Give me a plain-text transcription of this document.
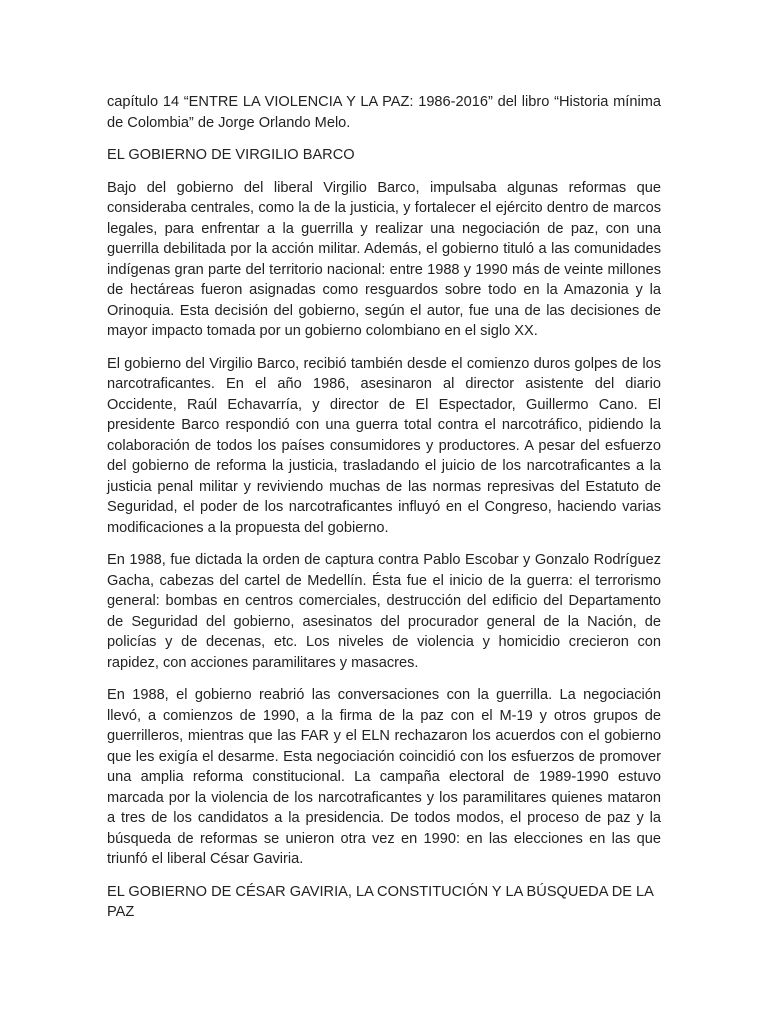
capítulo 14 “ENTRE LA VIOLENCIA Y LA PAZ: 1986-2016” del libro “Historia mínima de Colombia” de Jorge Orlando Melo.

EL GOBIERNO DE VIRGILIO BARCO

Bajo del gobierno del liberal Virgilio Barco, impulsaba algunas reformas que consideraba centrales, como la de la justicia, y fortalecer el ejército dentro de marcos legales, para enfrentar a la guerrilla y realizar una negociación de paz, con una guerrilla debilitada por la acción militar. Además, el gobierno tituló a las comunidades indígenas gran parte del territorio nacional: entre 1988 y 1990 más de veinte millones de hectáreas fueron asignadas como resguardos sobre todo en la Amazonia y la Orinoquia. Esta decisión del gobierno, según el autor, fue una de las decisiones de mayor impacto tomada por un gobierno colombiano en el siglo XX.

El gobierno del Virgilio Barco, recibió también desde el comienzo duros golpes de los narcotraficantes. En el año 1986, asesinaron al director asistente del diario Occidente, Raúl Echavarría, y director de El Espectador, Guillermo Cano. El presidente Barco respondió con una guerra total contra el narcotráfico, pidiendo la colaboración de todos los países consumidores y productores. A pesar del esfuerzo del gobierno de reforma la justicia, trasladando el juicio de los narcotraficantes a la justicia penal militar y reviviendo muchas de las normas represivas del Estatuto de Seguridad, el poder de los narcotraficantes influyó en el Congreso, haciendo varias modificaciones a la propuesta del gobierno.

En 1988, fue dictada la orden de captura contra Pablo Escobar y Gonzalo Rodríguez Gacha, cabezas del cartel de Medellín. Ésta fue el inicio de la guerra: el terrorismo general: bombas en centros comerciales, destrucción del edificio del Departamento de Seguridad del gobierno, asesinatos del procurador general de la Nación, de policías y de decenas, etc. Los niveles de violencia y homicidio crecieron con rapidez, con acciones paramilitares y masacres.

En 1988, el gobierno reabrió las conversaciones con la guerrilla. La negociación llevó, a comienzos de 1990, a la firma de la paz con el M-19 y otros grupos de guerrilleros, mientras que las FAR y el ELN rechazaron los acuerdos con el gobierno que les exigía el desarme. Esta negociación coincidió con los esfuerzos de promover una amplia reforma constitucional. La campaña electoral de 1989-1990 estuvo marcada por la violencia de los narcotraficantes y los paramilitares quienes mataron a tres de los candidatos a la presidencia. De todos modos, el proceso de paz y la búsqueda de reformas se unieron otra vez en 1990: en las elecciones en las que triunfó el liberal César Gaviria.

EL GOBIERNO DE CÉSAR GAVIRIA, LA CONSTITUCIÓN Y LA BÚSQUEDA DE LA PAZ
